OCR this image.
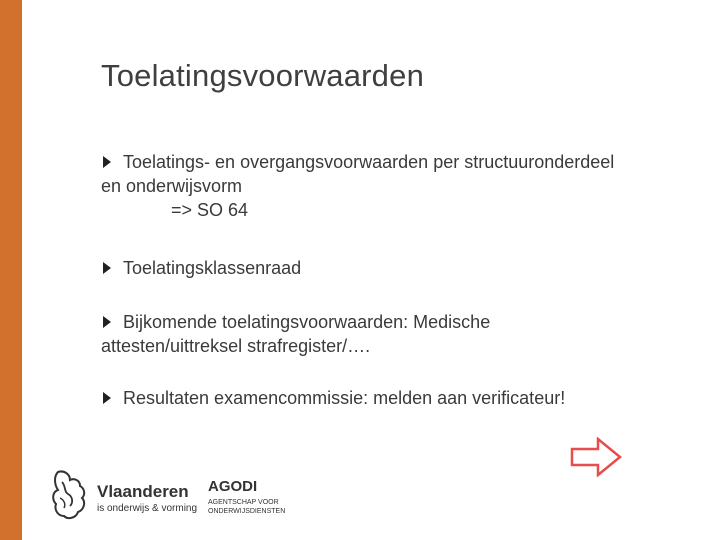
Toelatingsvoorwaarden
Toelatings- en overgangsvoorwaarden per structuuronderdeel
en onderwijsvorm

=> SO 64
Toelatingsklassenraad
Bijkomende toelatingsvoorwaarden: Medische
attesten/uittreksel strafregister/….
Resultaten examencommissie: melden aan verificateur!
Vlaanderen
is onderwijs & vorming
AGODI
AGENTSCHAP VOOR ONDERWIJSDIENSTEN
